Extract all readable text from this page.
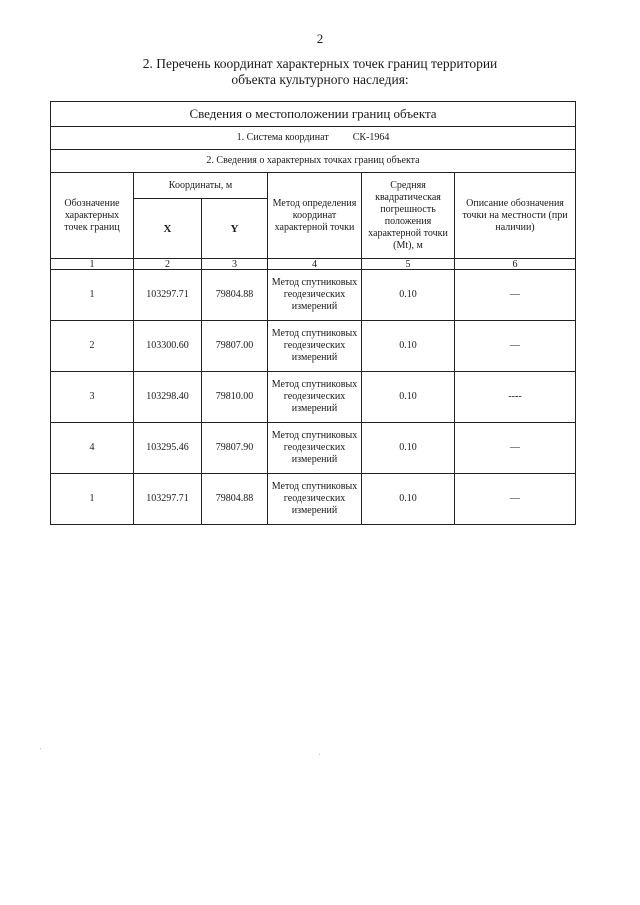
2
2. Перечень координат характерных точек границ территории
объекта культурного наследия:
Сведения о местоположении границ объекта					
1. Система координат СК-1964					
2. Сведения о характерных точках границ объекта					
Обозначение характерных точек границ	Координаты, м		Метод определения координат характерной точки	Средняя квадратическая погрешность положения характерной точки (Mt), м	Описание обозначения точки на местности (при наличии)
	X	Y			
1	2	3	4	5	6
1	103297.71	79804.88	Метод спутниковых геодезических измерений	0.10	—
2	103300.60	79807.00	Метод спутниковых геодезических измерений	0.10	—
3	103298.40	79810.00	Метод спутниковых геодезических измерений	0.10	----
4	103295.46	79807.90	Метод спутниковых геодезических измерений	0.10	—
1	103297.71	79804.88	Метод спутниковых геодезических измерений	0.10	—
